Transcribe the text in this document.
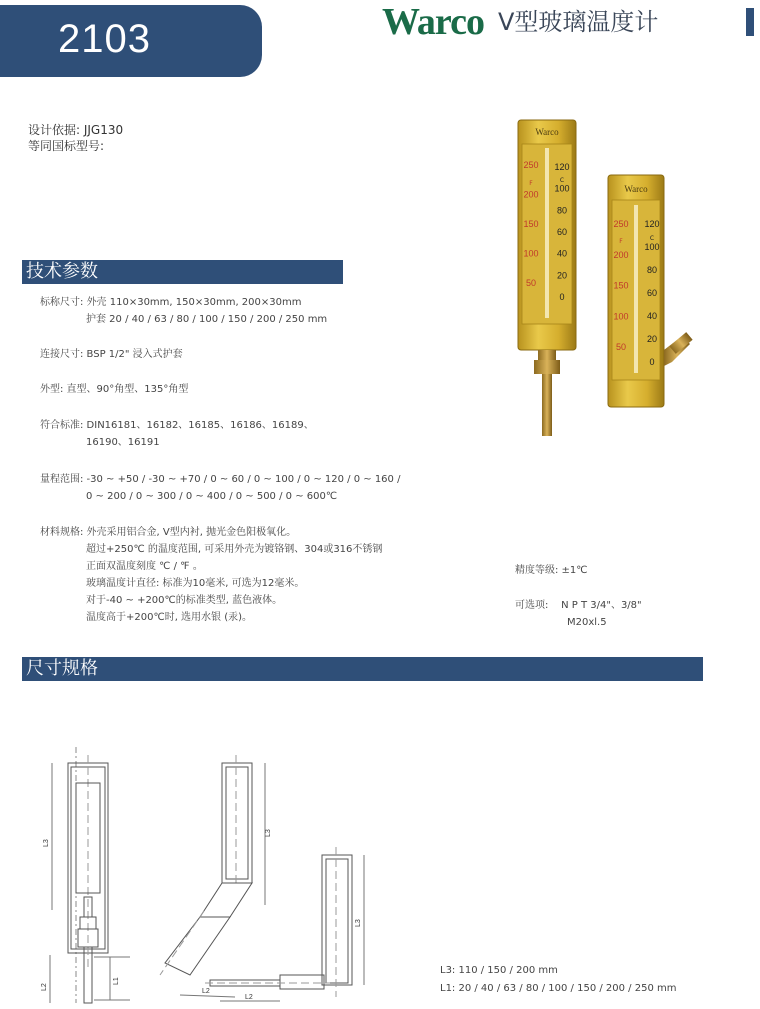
2103	Warco V型玻璃温度计
设计依据: JJG130
等同国标型号:
技术参数
标称尺寸: 外壳 110×30mm, 150×30mm, 200×30mm
护套 20 / 40 / 63 / 80 / 100 / 150 / 200 / 250 mm
连接尺寸: BSP 1/2" 浸入式护套
外型: 直型、90°角型、135°角型
符合标准: DIN16181、16182、16185、16186、16189、
16190、16191
量程范围: -30 ~ +50 / -30 ~ +70 / 0 ~ 60 / 0 ~ 100 / 0 ~ 120 / 0 ~ 160 /
0 ~ 200 / 0 ~ 300 / 0 ~ 400 / 0 ~ 500 / 0 ~ 600℃
材料规格: 外壳采用铝合金, V型内衬, 抛光金色阳极氧化。
超过+250℃ 的温度范围, 可采用外壳为镀铬钢、304或316不锈钢
正面双温度刻度 ℃ / ℉ 。
玻璃温度计直径: 标准为10毫米, 可选为12毫米。
对于-40 ~ +200℃的标准类型, 蓝色液体。
温度高于+200℃时, 选用水银 (汞)。
精度等级: ±1℃
可选项: N P T 3/4"、3/8"
M20xl.5
Warco
F	C
250
200
150
100
50
120
100
80
60
40
20
0
Warco
F	C
250
200
150
100
50
120
100
80
60
40
20
0
尺寸规格
L3
L2
L1
L3
L2
L3
L2
L3: 110 / 150 / 200 mm
L1: 20 / 40 / 63 / 80 / 100 / 150 / 200 / 250 mm
